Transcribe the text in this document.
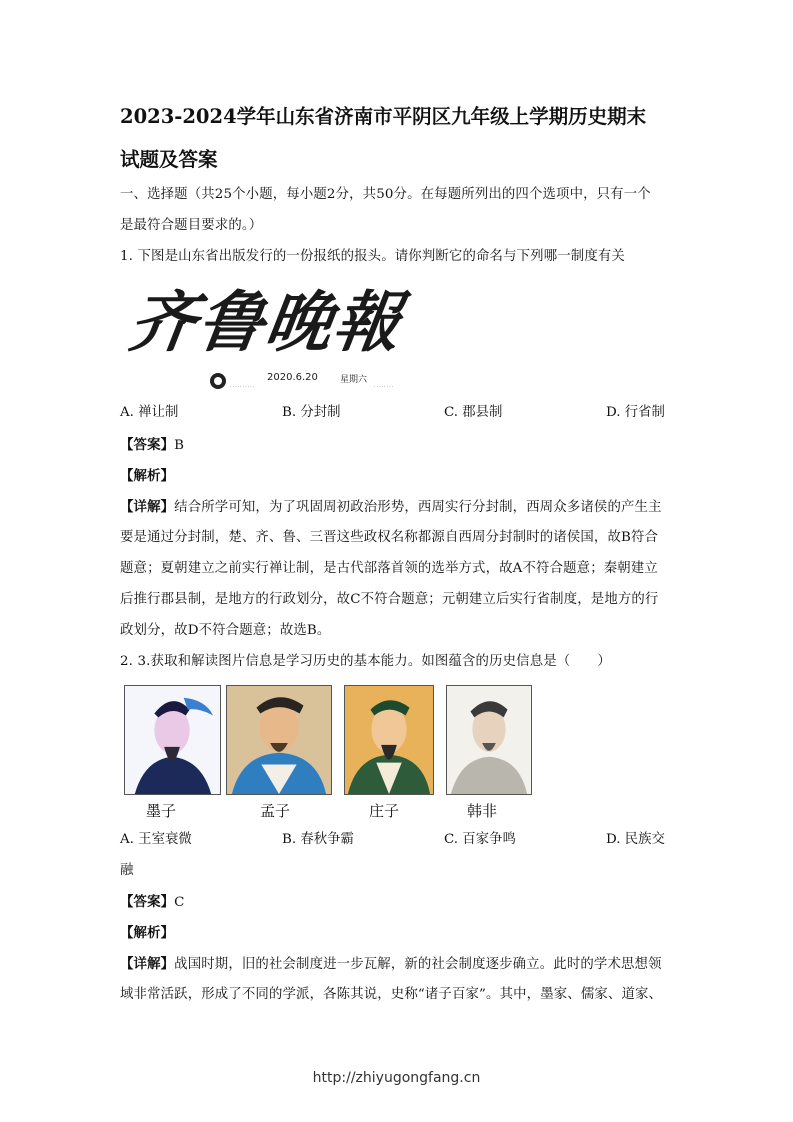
2023-2024学年山东省济南市平阴区九年级上学期历史期末
试题及答案
一、选择题（共25个小题，每小题2分，共50分。在每题所列出的四个选项中，只有一个
是最符合题目要求的。）
1. 下图是山东省出版发行的一份报纸的报头。请你判断它的命名与下列哪一制度有关
齐鲁晚報
· · · · · · · · · ·
2020.6.20 星期六
· · · · · · · ·
A. 禅让制	B. 分封制	C. 郡县制	D. 行省制
【答案】B
【解析】
【详解】结合所学可知，为了巩固周初政治形势，西周实行分封制，西周众多诸侯的产生主
要是通过分封制，楚、齐、鲁、三晋这些政权名称都源自西周分封制时的诸侯国，故B符合
题意；夏朝建立之前实行禅让制，是古代部落首领的选举方式，故A不符合题意；秦朝建立
后推行郡县制，是地方的行政划分，故C不符合题意；元朝建立后实行省制度，是地方的行
政划分，故D不符合题意；故选B。
2. 3.获取和解读图片信息是学习历史的基本能力。如图蕴含的历史信息是（　　）
墨子	孟子	庄子	韩非
A. 王室衰微	B. 春秋争霸	C. 百家争鸣	D. 民族交
融
【答案】C
【解析】
【详解】战国时期，旧的社会制度进一步瓦解，新的社会制度逐步确立。此时的学术思想领
域非常活跃，形成了不同的学派，各陈其说，史称“诸子百家”。其中，墨家、儒家、道家、
http://zhiyugongfang.cn
